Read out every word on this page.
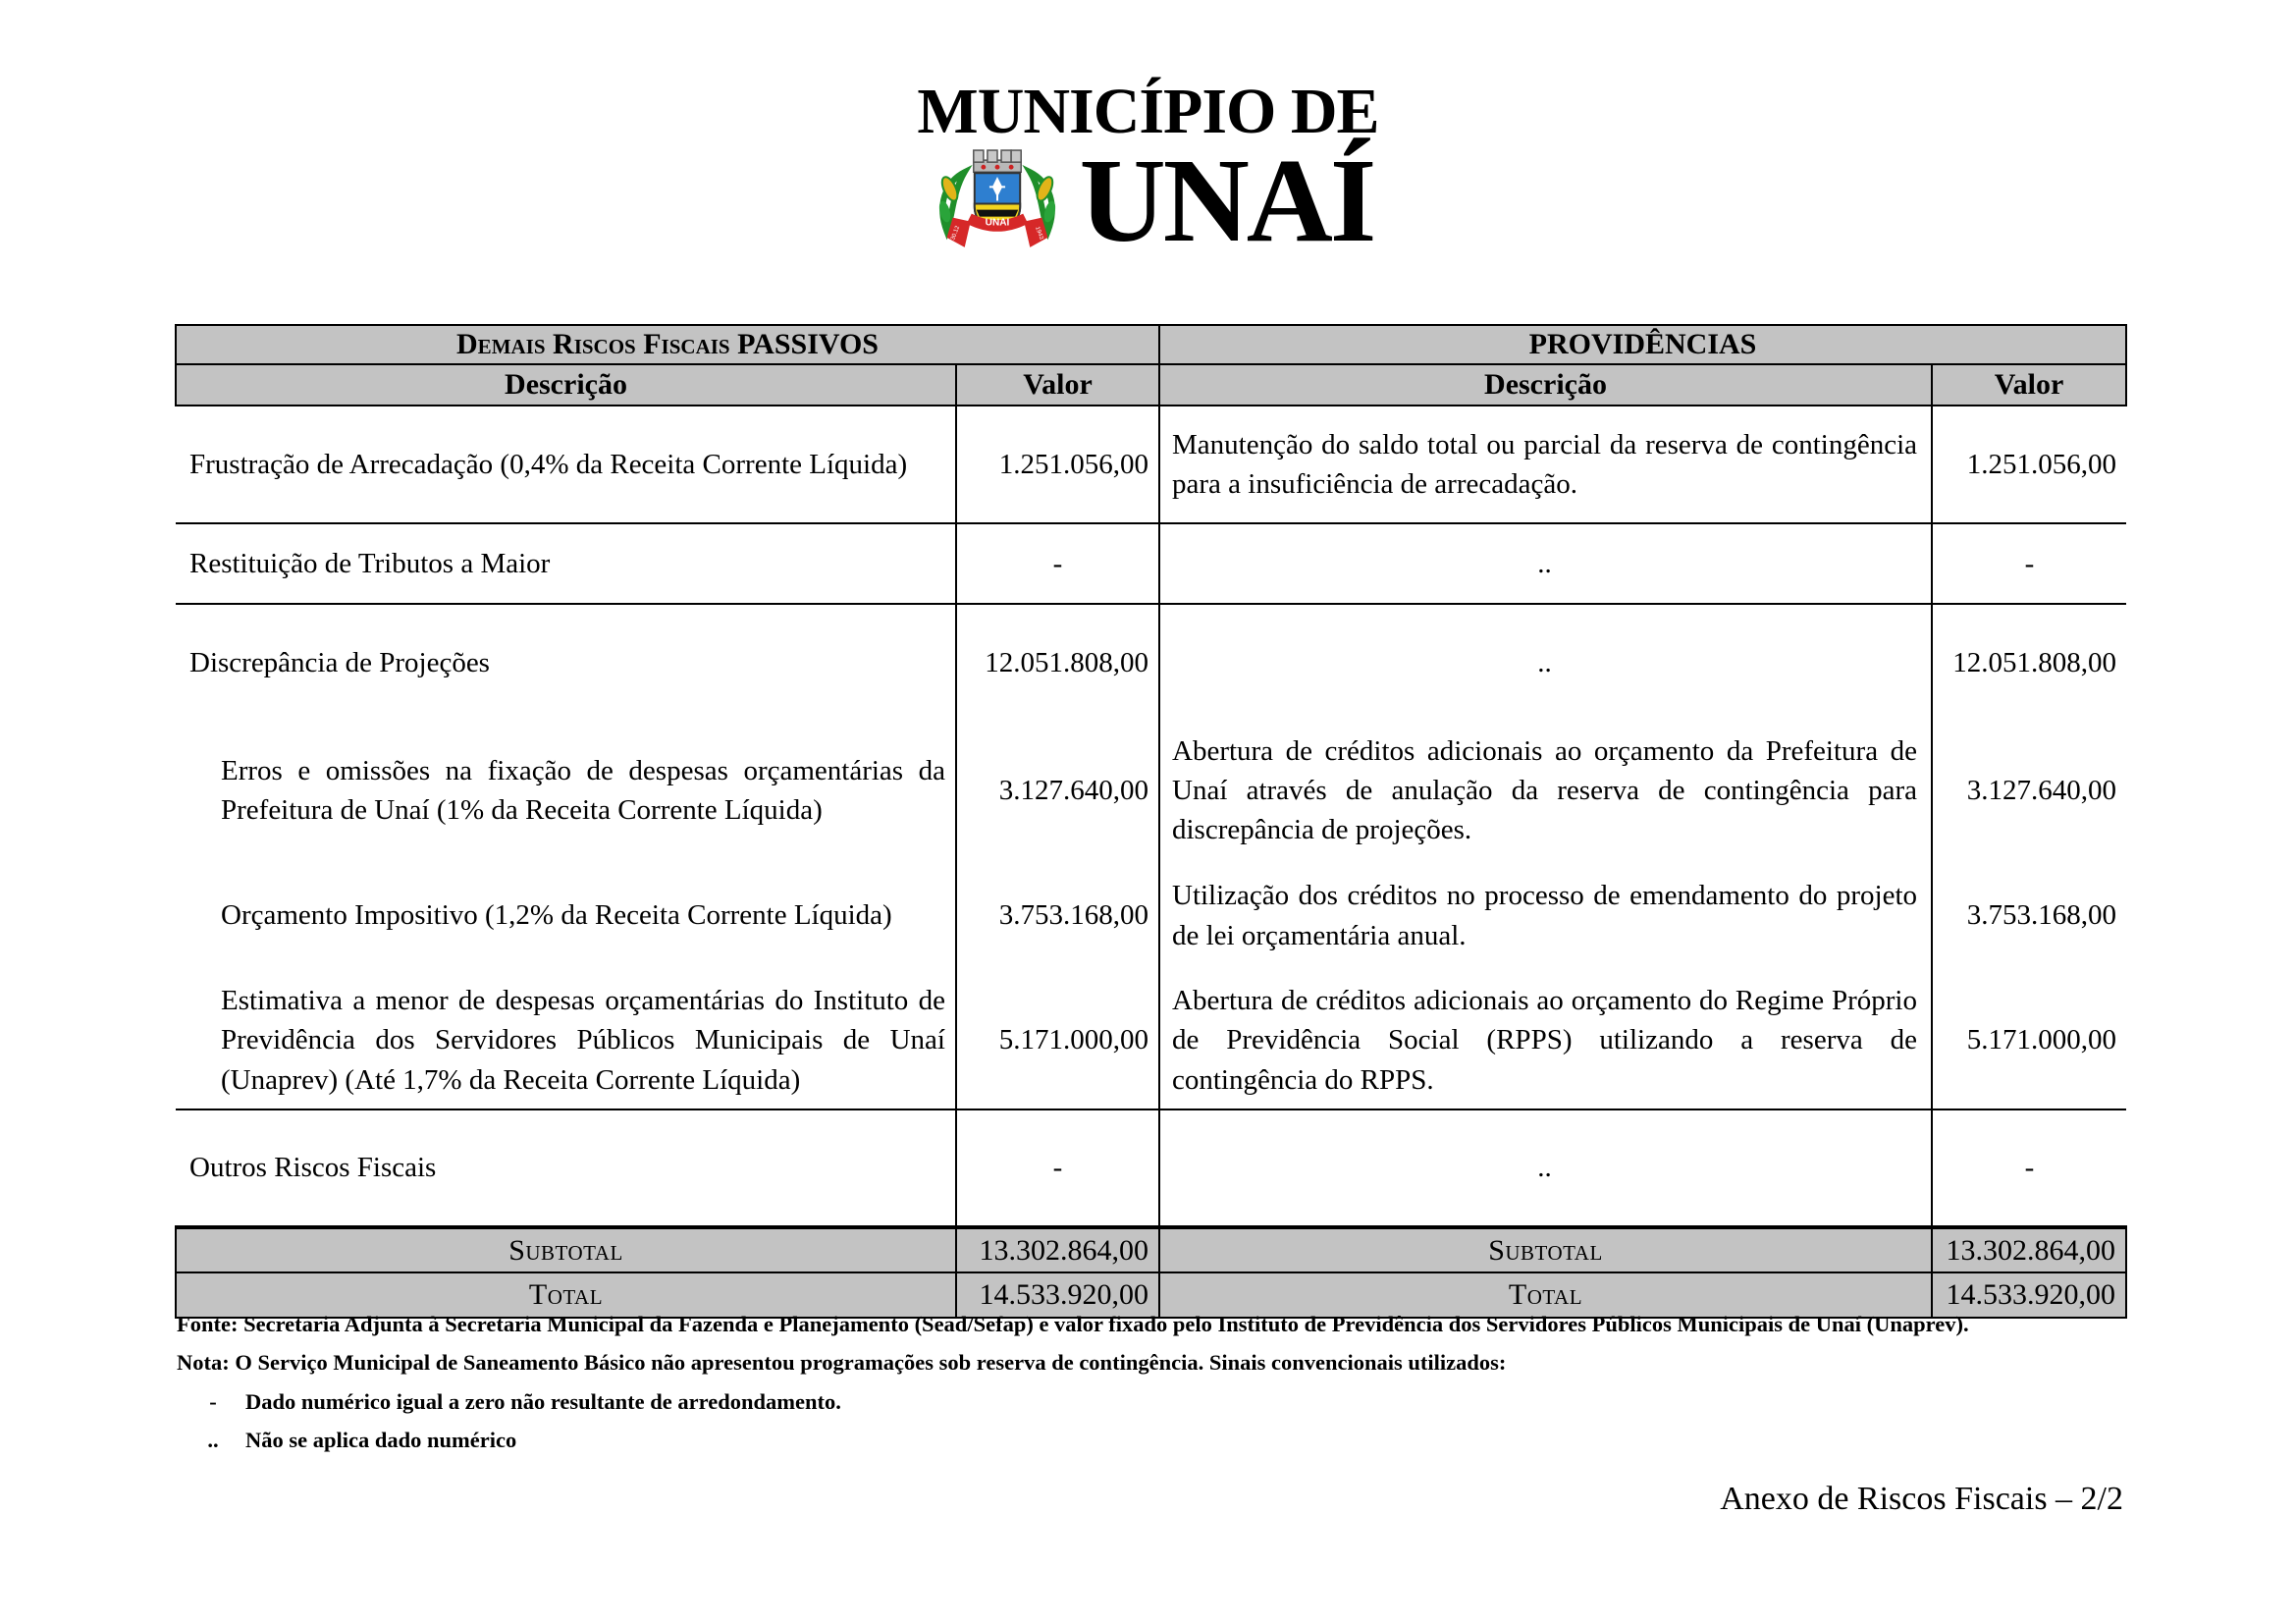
MUNICÍPIO DE
UNAI
30.12	1943 UNAÍ
Demais Riscos Fiscais PASSIVOS		PROVIDÊNCIAS	
Descrição	Valor	Descrição	Valor
Frustração de Arrecadação (0,4% da Receita Corrente Líquida)	1.251.056,00	Manutenção do saldo total ou parcial da reserva de contingência para a insuficiência de arrecadação.	1.251.056,00
Restituição de Tributos a Maior	-	..	-
Discrepância de Projeções	12.051.808,00	..	12.051.808,00
Erros e omissões na fixação de despesas orçamentárias da Prefeitura de Unaí (1% da Receita Corrente Líquida)	3.127.640,00	Abertura de créditos adicionais ao orçamento da Prefeitura de Unaí através de anulação da reserva de contingência para discrepância de projeções.	3.127.640,00
Orçamento Impositivo (1,2% da Receita Corrente Líquida)	3.753.168,00	Utilização dos créditos no processo de emendamento do projeto de lei orçamentária anual.	3.753.168,00
Estimativa a menor de despesas orçamentárias do Instituto de Previdência dos Servidores Públicos Municipais de Unaí (Unaprev) (Até 1,7% da Receita Corrente Líquida)	5.171.000,00	Abertura de créditos adicionais ao orçamento do Regime Próprio de Previdência Social (RPPS) utilizando a reserva de contingência do RPPS.	5.171.000,00
Outros Riscos Fiscais	-	..	-
Subtotal	13.302.864,00	Subtotal	13.302.864,00
Total	14.533.920,00	Total	14.533.920,00
Fonte: Secretaria Adjunta à Secretaria Municipal da Fazenda e Planejamento (Sead/Sefap) e valor fixado pelo Instituto de Previdência dos Servidores Públicos Municipais de Unaí (Unaprev).
Nota: O Serviço Municipal de Saneamento Básico não apresentou programações sob reserva de contingência. Sinais convencionais utilizados:
-	Dado numérico igual a zero não resultante de arredondamento.
..	Não se aplica dado numérico
Anexo de Riscos Fiscais – 2/2
